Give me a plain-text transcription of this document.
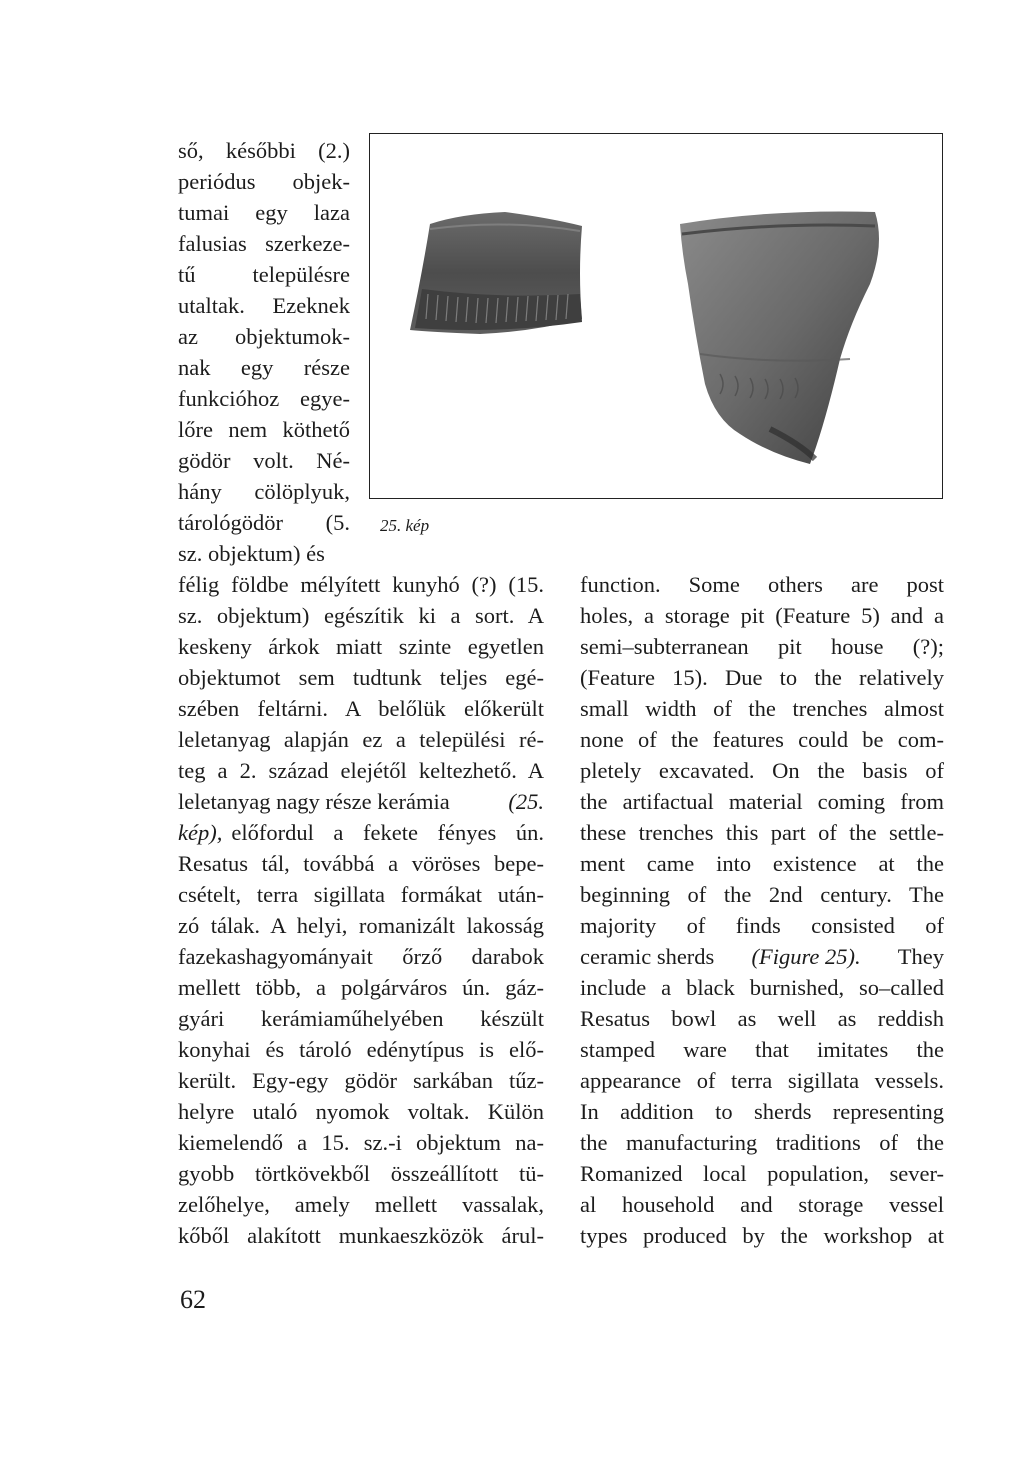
ső, későbbi (2.)
periódus objek-
tumai egy laza
falusias szerkeze-
tű településre
utaltak. Ezeknek
az objektumok-
nak egy része
funkcióhoz egye-
lőre nem köthető
gödör volt. Né-
hány cölöplyuk,
tárológödör (5.
sz. objektum) és
félig földbe mélyített kunyhó (?) (15.
sz. objektum) egészítik ki a sort. A
keskeny árkok miatt szinte egyetlen
objektumot sem tudtunk teljes egé-
szében feltárni. A belőlük előkerült
leletanyag alapján ez a települési ré-
teg a 2. század elejétől keltezhető. A
leletanyag nagy része kerámia	(25.
kép), előfordul a fekete fényes ún.
Resatus tál, továbbá a vöröses bepe-
csételt, terra sigillata formákat után-
zó tálak. A helyi, romanizált lakosság
fazekashagyományait őrző darabok
mellett több, a polgárváros ún. gáz-
gyári kerámiaműhelyében készült
konyhai és tároló edénytípus is elő-
került. Egy-egy gödör sarkában tűz-
helyre utaló nyomok voltak. Külön
kiemelendő a 15. sz.-i objektum na-
gyobb törtkövekből összeállított tü-
zelőhelye, amely mellett vassalak,
kőből alakított munkaeszközök árul-
function. Some others are post
holes, a storage pit (Feature 5) and a
semi–subterranean pit house (?);
(Feature 15). Due to the relatively
small width of the trenches almost
none of the features could be com-
pletely excavated. On the basis of
the artifactual material coming from
these trenches this part of the settle-
ment came into existence at the
beginning of the 2nd century. The
majority of finds consisted of
ceramic sherds (Figure 25). They
include a black burnished, so–called
Resatus bowl as well as reddish
stamped ware that imitates the
appearance of terra sigillata vessels.
In addition to sherds representing
the manufacturing traditions of the
Romanized local population, sever-
al household and storage vessel
types produced by the workshop at
25. kép
62
